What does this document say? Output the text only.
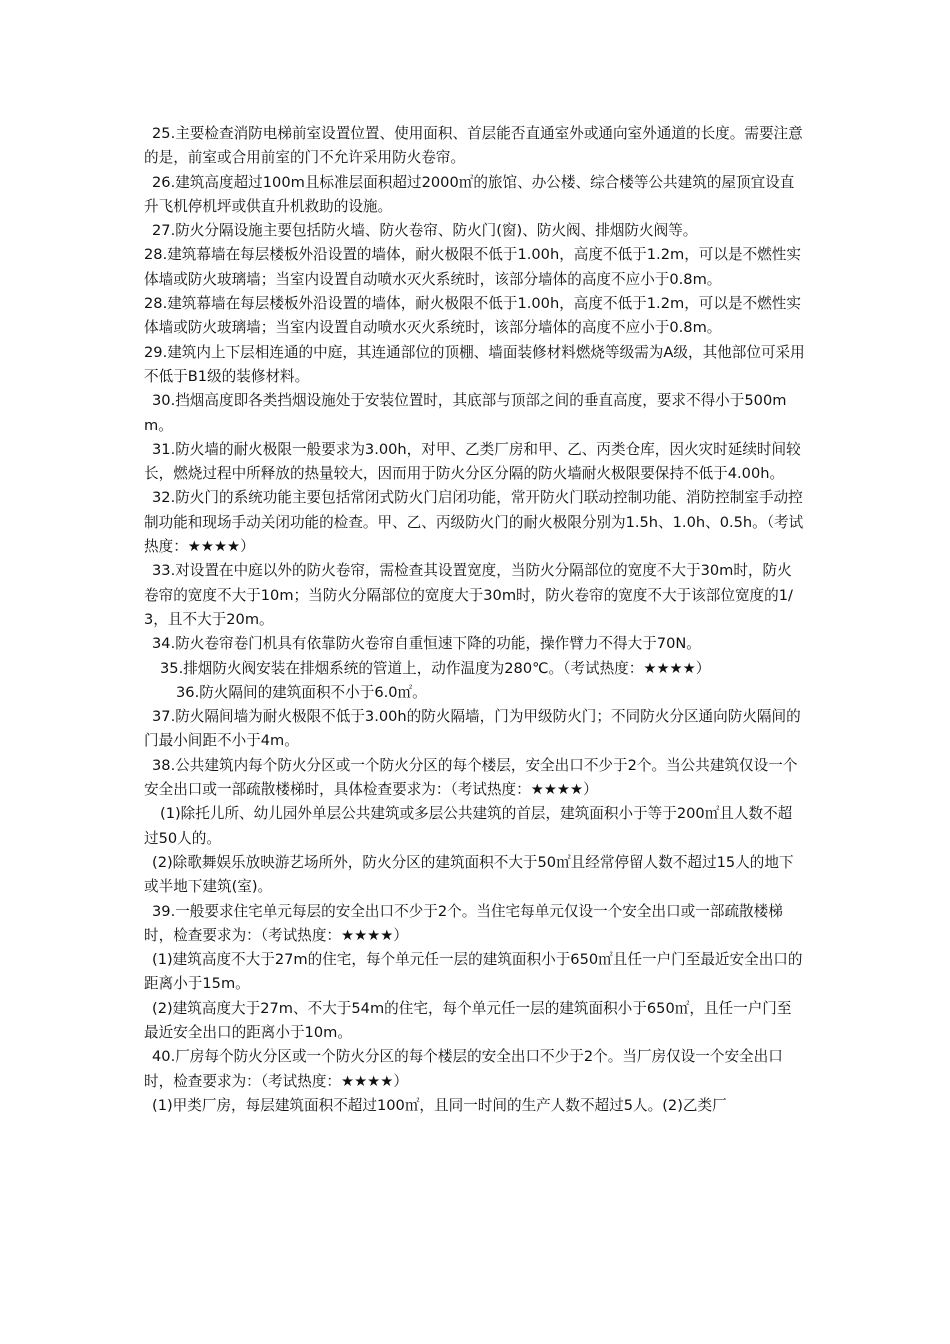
25.主要检查消防电梯前室设置位置、使用面积、首层能否直通室外或通向室外通道的长度。需要注意的是，前室或合用前室的门不允许采用防火卷帘。

26.建筑高度超过100m且标准层面积超过2000㎡的旅馆、办公楼、综合楼等公共建筑的屋顶宜设直升飞机停机坪或供直升机救助的设施。

27.防火分隔设施主要包括防火墙、防火卷帘、防火门(窗)、防火阀、排烟防火阀等。

28.建筑幕墙在每层楼板外沿设置的墙体，耐火极限不低于1.00h，高度不低于1.2m，可以是不燃性实体墙或防火玻璃墙；当室内设置自动喷水灭火系统时，该部分墙体的高度不应小于0.8m。

28.建筑幕墙在每层楼板外沿设置的墙体，耐火极限不低于1.00h，高度不低于1.2m，可以是不燃性实体墙或防火玻璃墙；当室内设置自动喷水灭火系统时，该部分墙体的高度不应小于0.8m。

29.建筑内上下层相连通的中庭，其连通部位的顶棚、墙面装修材料燃烧等级需为A级，其他部位可采用不低于B1级的装修材料。

30.挡烟高度即各类挡烟设施处于安装位置时，其底部与顶部之间的垂直高度，要求不得小于500mm。

31.防火墙的耐火极限一般要求为3.00h，对甲、乙类厂房和甲、乙、丙类仓库，因火灾时延续时间较长，燃烧过程中所释放的热量较大，因而用于防火分区分隔的防火墙耐火极限要保持不低于4.00h。

32.防火门的系统功能主要包括常闭式防火门启闭功能，常开防火门联动控制功能、消防控制室手动控制功能和现场手动关闭功能的检查。甲、乙、丙级防火门的耐火极限分别为1.5h、1.0h、0.5h。（考试热度：★★★★）

33.对设置在中庭以外的防火卷帘，需检查其设置宽度，当防火分隔部位的宽度不大于30m时，防火卷帘的宽度不大于10m；当防火分隔部位的宽度大于30m时，防火卷帘的宽度不大于该部位宽度的1/3，且不大于20m。

34.防火卷帘卷门机具有依靠防火卷帘自重恒速下降的功能，操作臂力不得大于70N。

35.排烟防火阀安装在排烟系统的管道上，动作温度为280℃。（考试热度：★★★★）

36.防火隔间的建筑面积不小于6.0㎡。

37.防火隔间墙为耐火极限不低于3.00h的防火隔墙，门为甲级防火门；不同防火分区通向防火隔间的门最小间距不小于4m。

38.公共建筑内每个防火分区或一个防火分区的每个楼层，安全出口不少于2个。当公共建筑仅设一个安全出口或一部疏散楼梯时，具体检查要求为：（考试热度：★★★★）

(1)除托儿所、幼儿园外单层公共建筑或多层公共建筑的首层，建筑面积小于等于200㎡且人数不超过50人的。

(2)除歌舞娱乐放映游艺场所外，防火分区的建筑面积不大于50㎡且经常停留人数不超过15人的地下或半地下建筑(室)。

39.一般要求住宅单元每层的安全出口不少于2个。当住宅每单元仅设一个安全出口或一部疏散楼梯时，检查要求为：（考试热度：★★★★）

(1)建筑高度不大于27m的住宅，每个单元任一层的建筑面积小于650㎡且任一户门至最近安全出口的距离小于15m。

(2)建筑高度大于27m、不大于54m的住宅，每个单元任一层的建筑面积小于650㎡，且任一户门至最近安全出口的距离小于10m。

40.厂房每个防火分区或一个防火分区的每个楼层的安全出口不少于2个。当厂房仅设一个安全出口时，检查要求为：（考试热度：★★★★）

(1)甲类厂房，每层建筑面积不超过100㎡，且同一时间的生产人数不超过5人。(2)乙类厂
